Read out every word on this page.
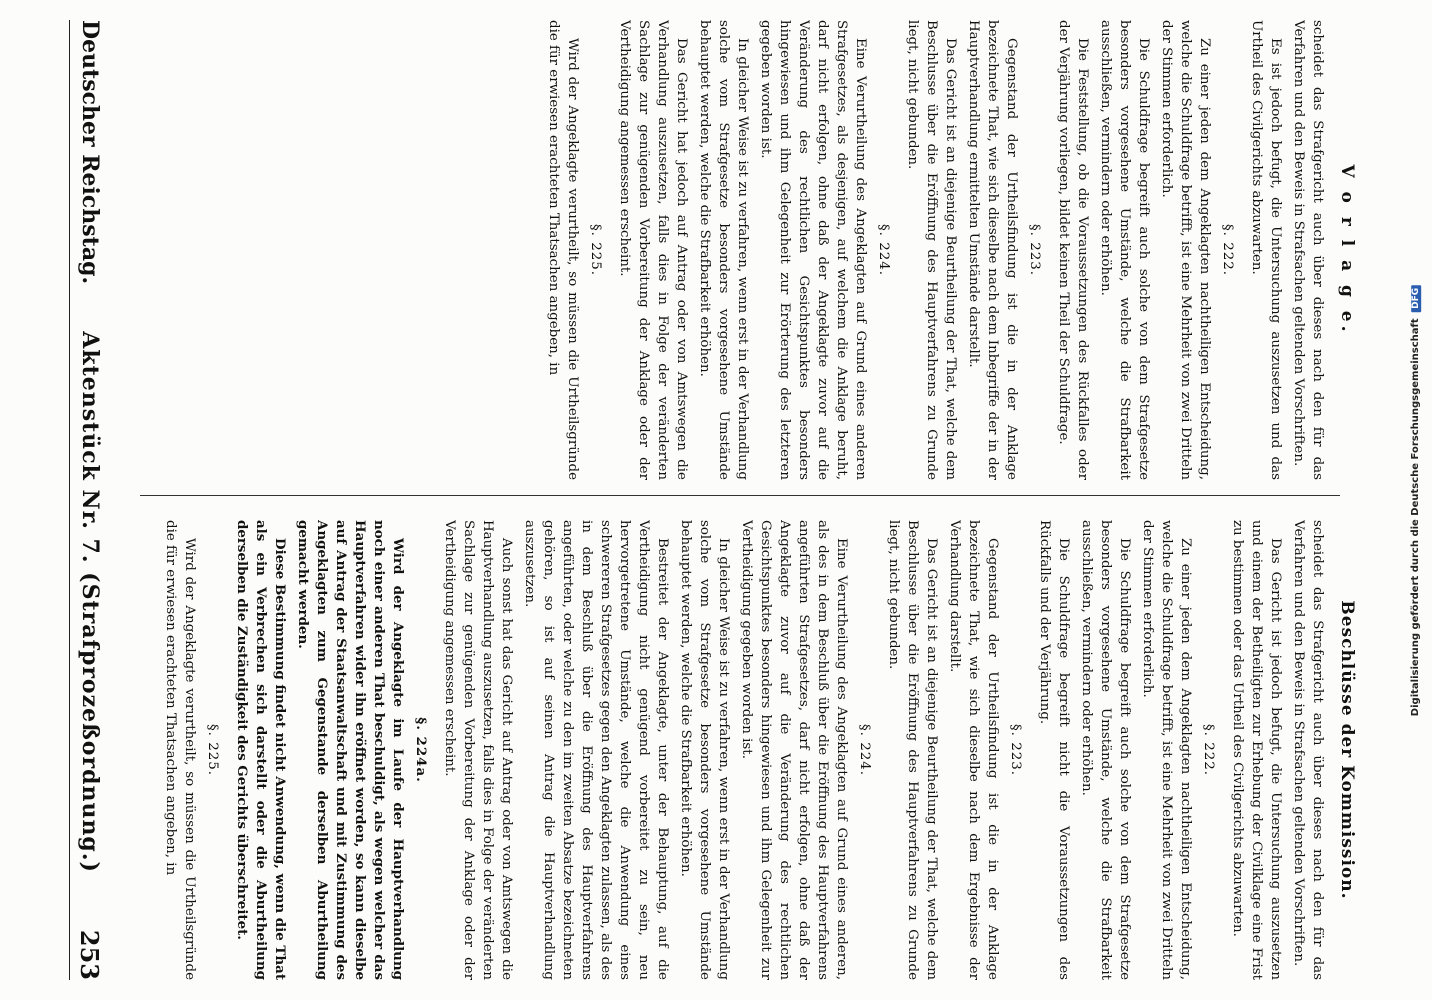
Deutscher Reichstag.
Aktenstück Nr. 7. (Strafprozeßordnung.)
253
V o r l a g e.

scheidet das Strafgericht auch über dieses nach den für das Verfahren und den Beweis in Strafsachen geltenden Vorschriften.

Es ist jedoch befugt, die Untersuchung auszusetzen und das Urtheil des Civilgerichts abzuwarten.

§. 222.

Zu einer jeden dem Angeklagten nachtheiligen Entscheidung, welche die Schuldfrage betrifft, ist eine Mehrheit von zwei Dritteln der Stimmen erforderlich.

Die Schuldfrage begreift auch solche von dem Strafgesetze besonders vorgesehene Umstände, welche die Strafbarkeit ausschließen, vermindern oder erhöhen.

Die Feststellung, ob die Voraussetzungen des Rückfalles oder der Verjährung vorliegen, bildet keinen Theil der Schuldfrage.

§. 223.

Gegenstand der Urtheilsfindung ist die in der Anklage bezeichnete That, wie sich dieselbe nach dem Inbegriffe der in der Hauptverhandlung ermittelten Umstände darstellt.

Das Gericht ist an diejenige Beurtheilung der That, welche dem Beschlusse über die Eröffnung des Hauptverfahrens zu Grunde liegt, nicht gebunden.

§. 224.

Eine Verurtheilung des Angeklagten auf Grund eines anderen Strafgesetzes, als desjenigen, auf welchem die Anklage beruht, darf nicht erfolgen, ohne daß der Angeklagte zuvor auf die Veränderung des rechtlichen Gesichtspunktes besonders hingewiesen und ihm Gelegenheit zur Erörterung des letzteren gegeben worden ist.

In gleicher Weise ist zu verfahren, wenn erst in der Verhandlung solche vom Strafgesetze besonders vorgesehene Umstände behauptet werden, welche die Strafbarkeit erhöhen.

Das Gericht hat jedoch auf Antrag oder von Amtswegen die Verhandlung auszusetzen, falls dies in Folge der veränderten Sachlage zur genügenden Vorbereitung der Anklage oder der Vertheidigung angemessen erscheint.

§. 225.

Wird der Angeklagte verurtheilt, so müssen die Urtheilsgründe die für erwiesen erachteten Thatsachen angeben, in

Beschlüsse der Kommission.

scheidet das Strafgericht auch über dieses nach den für das Verfahren und den Beweis in Strafsachen geltenden Vorschriften.

Das Gericht ist jedoch befugt, die Untersuchung auszusetzen und einem der Betheiligten zur Erhebung der Civilklage eine Frist zu bestimmen oder das Urtheil des Civilgerichts abzuwarten.

§. 222.

Zu einer jeden dem Angeklagten nachtheiligen Entscheidung, welche die Schuldfrage betrifft, ist eine Mehrheit von zwei Dritteln der Stimmen erforderlich.

Die Schuldfrage begreift auch solche von dem Strafgesetze besonders vorgesehene Umstände, welche die Strafbarkeit ausschließen, vermindern oder erhöhen.

Die Schuldfrage begreift nicht die Voraussetzungen des Rückfalls und der Verjährung.

§. 223.

Gegenstand der Urtheilsfindung ist die in der Anklage bezeichnete That, wie sich dieselbe nach dem Ergebnisse der Verhandlung darstellt.

Das Gericht ist an diejenige Beurtheilung der That, welche dem Beschlusse über die Eröffnung des Hauptverfahrens zu Grunde liegt, nicht gebunden.

§. 224.

Eine Verurtheilung des Angeklagten auf Grund eines anderen, als des in dem Beschluß über die Eröffnung des Hauptverfahrens angeführten Strafgesetzes, darf nicht erfolgen, ohne daß der Angeklagte zuvor auf die Veränderung des rechtlichen Gesichtspunktes besonders hingewiesen und ihm Gelegenheit zur Vertheidigung gegeben worden ist.

In gleicher Weise ist zu verfahren, wenn erst in der Verhandlung solche vom Strafgesetze besonders vorgesehene Umstände behauptet werden, welche die Strafbarkeit erhöhen.

Bestreitet der Angeklagte, unter der Behauptung, auf die Vertheidigung nicht genügend vorbereitet zu sein, neu hervorgetretene Umstände, welche die Anwendung eines schwereren Strafgesetzes gegen den Angeklagten zulassen, als des in dem Beschluß über die Eröffnung des Hauptverfahrens angeführten, oder welche zu den im zweiten Absatze bezeichneten gehören, so ist auf seinen Antrag die Hauptverhandlung auszusetzen.

Auch sonst hat das Gericht auf Antrag oder von Amtswegen die Hauptverhandlung auszusetzen, falls dies in Folge der veränderten Sachlage zur genügenden Vorbereitung der Anklage oder der Vertheidigung angemessen erscheint.

§. 224a.

Wird der Angeklagte im Laufe der Hauptverhandlung noch einer anderen That beschuldigt, als wegen welcher das Hauptverfahren wider ihn eröffnet worden, so kann dieselbe auf Antrag der Staatsanwaltschaft und mit Zustimmung des Angeklagten zum Gegenstande derselben Aburtheilung gemacht werden.

Diese Bestimmung findet nicht Anwendung, wenn die That als ein Verbrechen sich darstellt oder die Aburtheilung derselben die Zuständigkeit des Gerichts überschreitet.

§. 225.

Wird der Angeklagte verurtheilt, so müssen die Urtheilsgründe die für erwiesen erachteten Thatsachen angeben, in	Digitalisierung gefördert durch die Deutsche Forschungsgemeinschaft DFG
